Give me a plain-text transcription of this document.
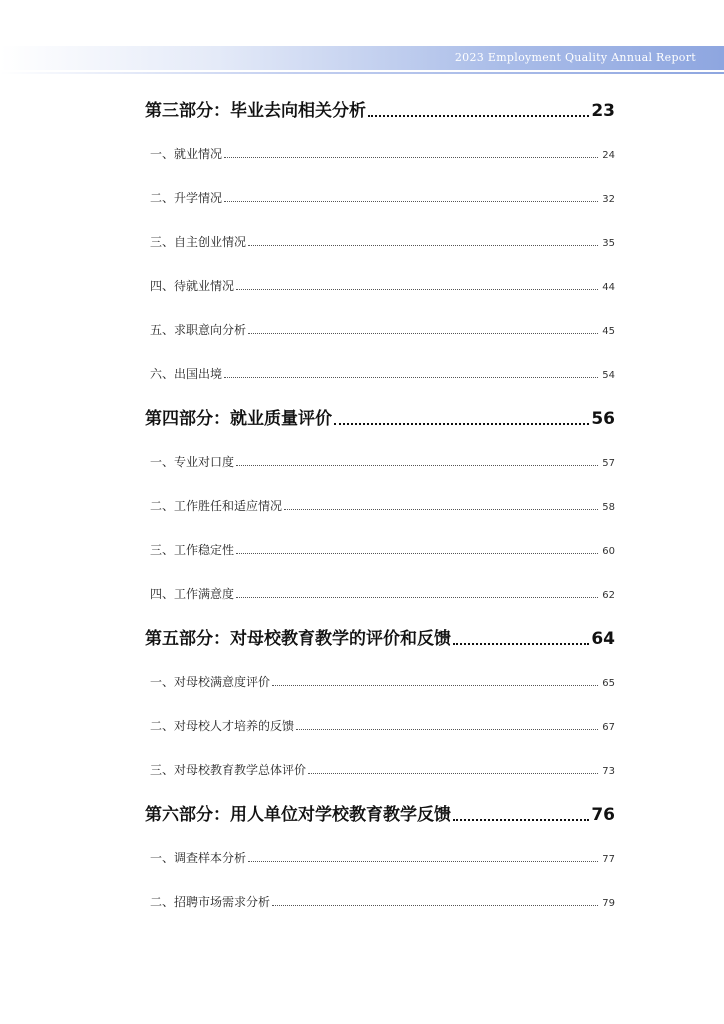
2023 Employment Quality Annual Report
第三部分：毕业去向相关分析	23
一、就业情况	24
二、升学情况	32
三、自主创业情况	35
四、待就业情况	44
五、求职意向分析	45
六、出国出境	54
第四部分：就业质量评价	56
一、专业对口度	57
二、工作胜任和适应情况	58
三、工作稳定性	60
四、工作满意度	62
第五部分：对母校教育教学的评价和反馈	64
一、对母校满意度评价	65
二、对母校人才培养的反馈	67
三、对母校教育教学总体评价	73
第六部分：用人单位对学校教育教学反馈	76
一、调查样本分析	77
二、招聘市场需求分析	79
